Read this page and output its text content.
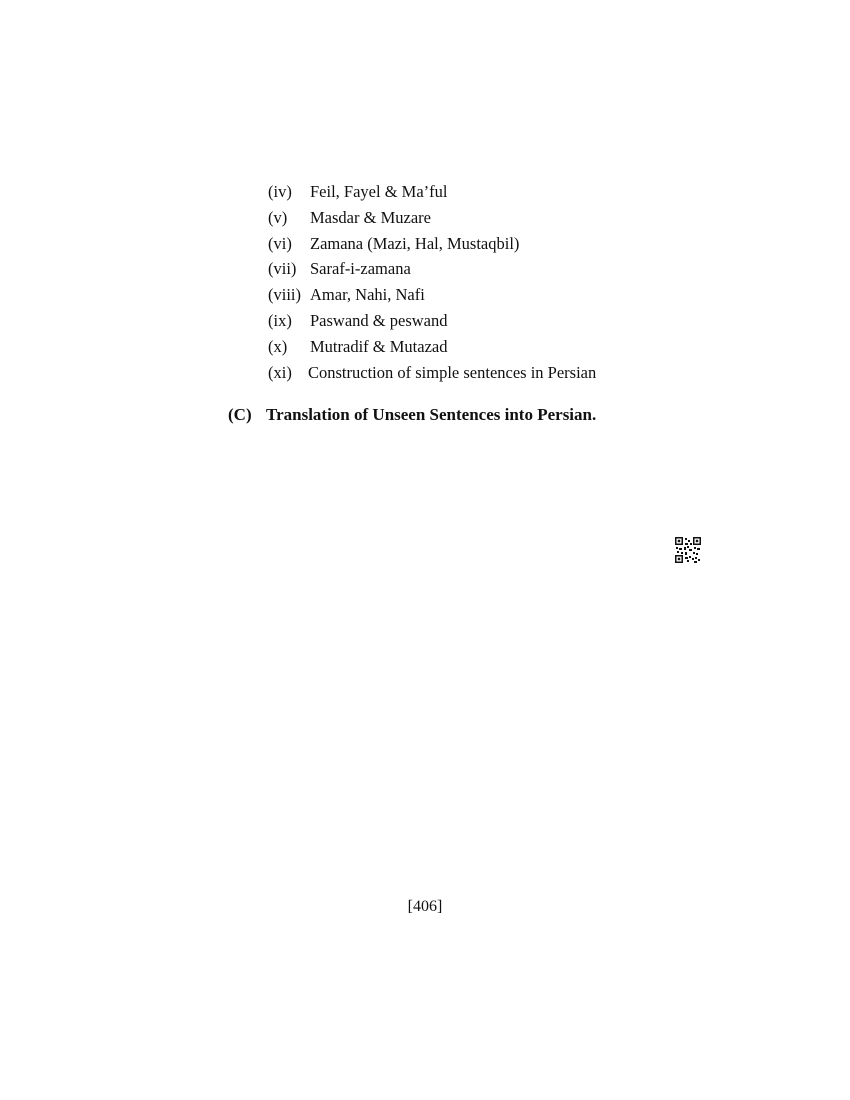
(iv) Feil, Fayel & Ma’ful
(v) Masdar & Muzare
(vi) Zamana (Mazi, Hal, Mustaqbil)
(vii) Saraf-i-zamana
(viii) Amar, Nahi, Nafi
(ix) Paswand & peswand
(x) Mutradif & Mutazad
(xi) Construction of simple sentences in Persian
(C) Translation of Unseen Sentences into Persian.
[406]
